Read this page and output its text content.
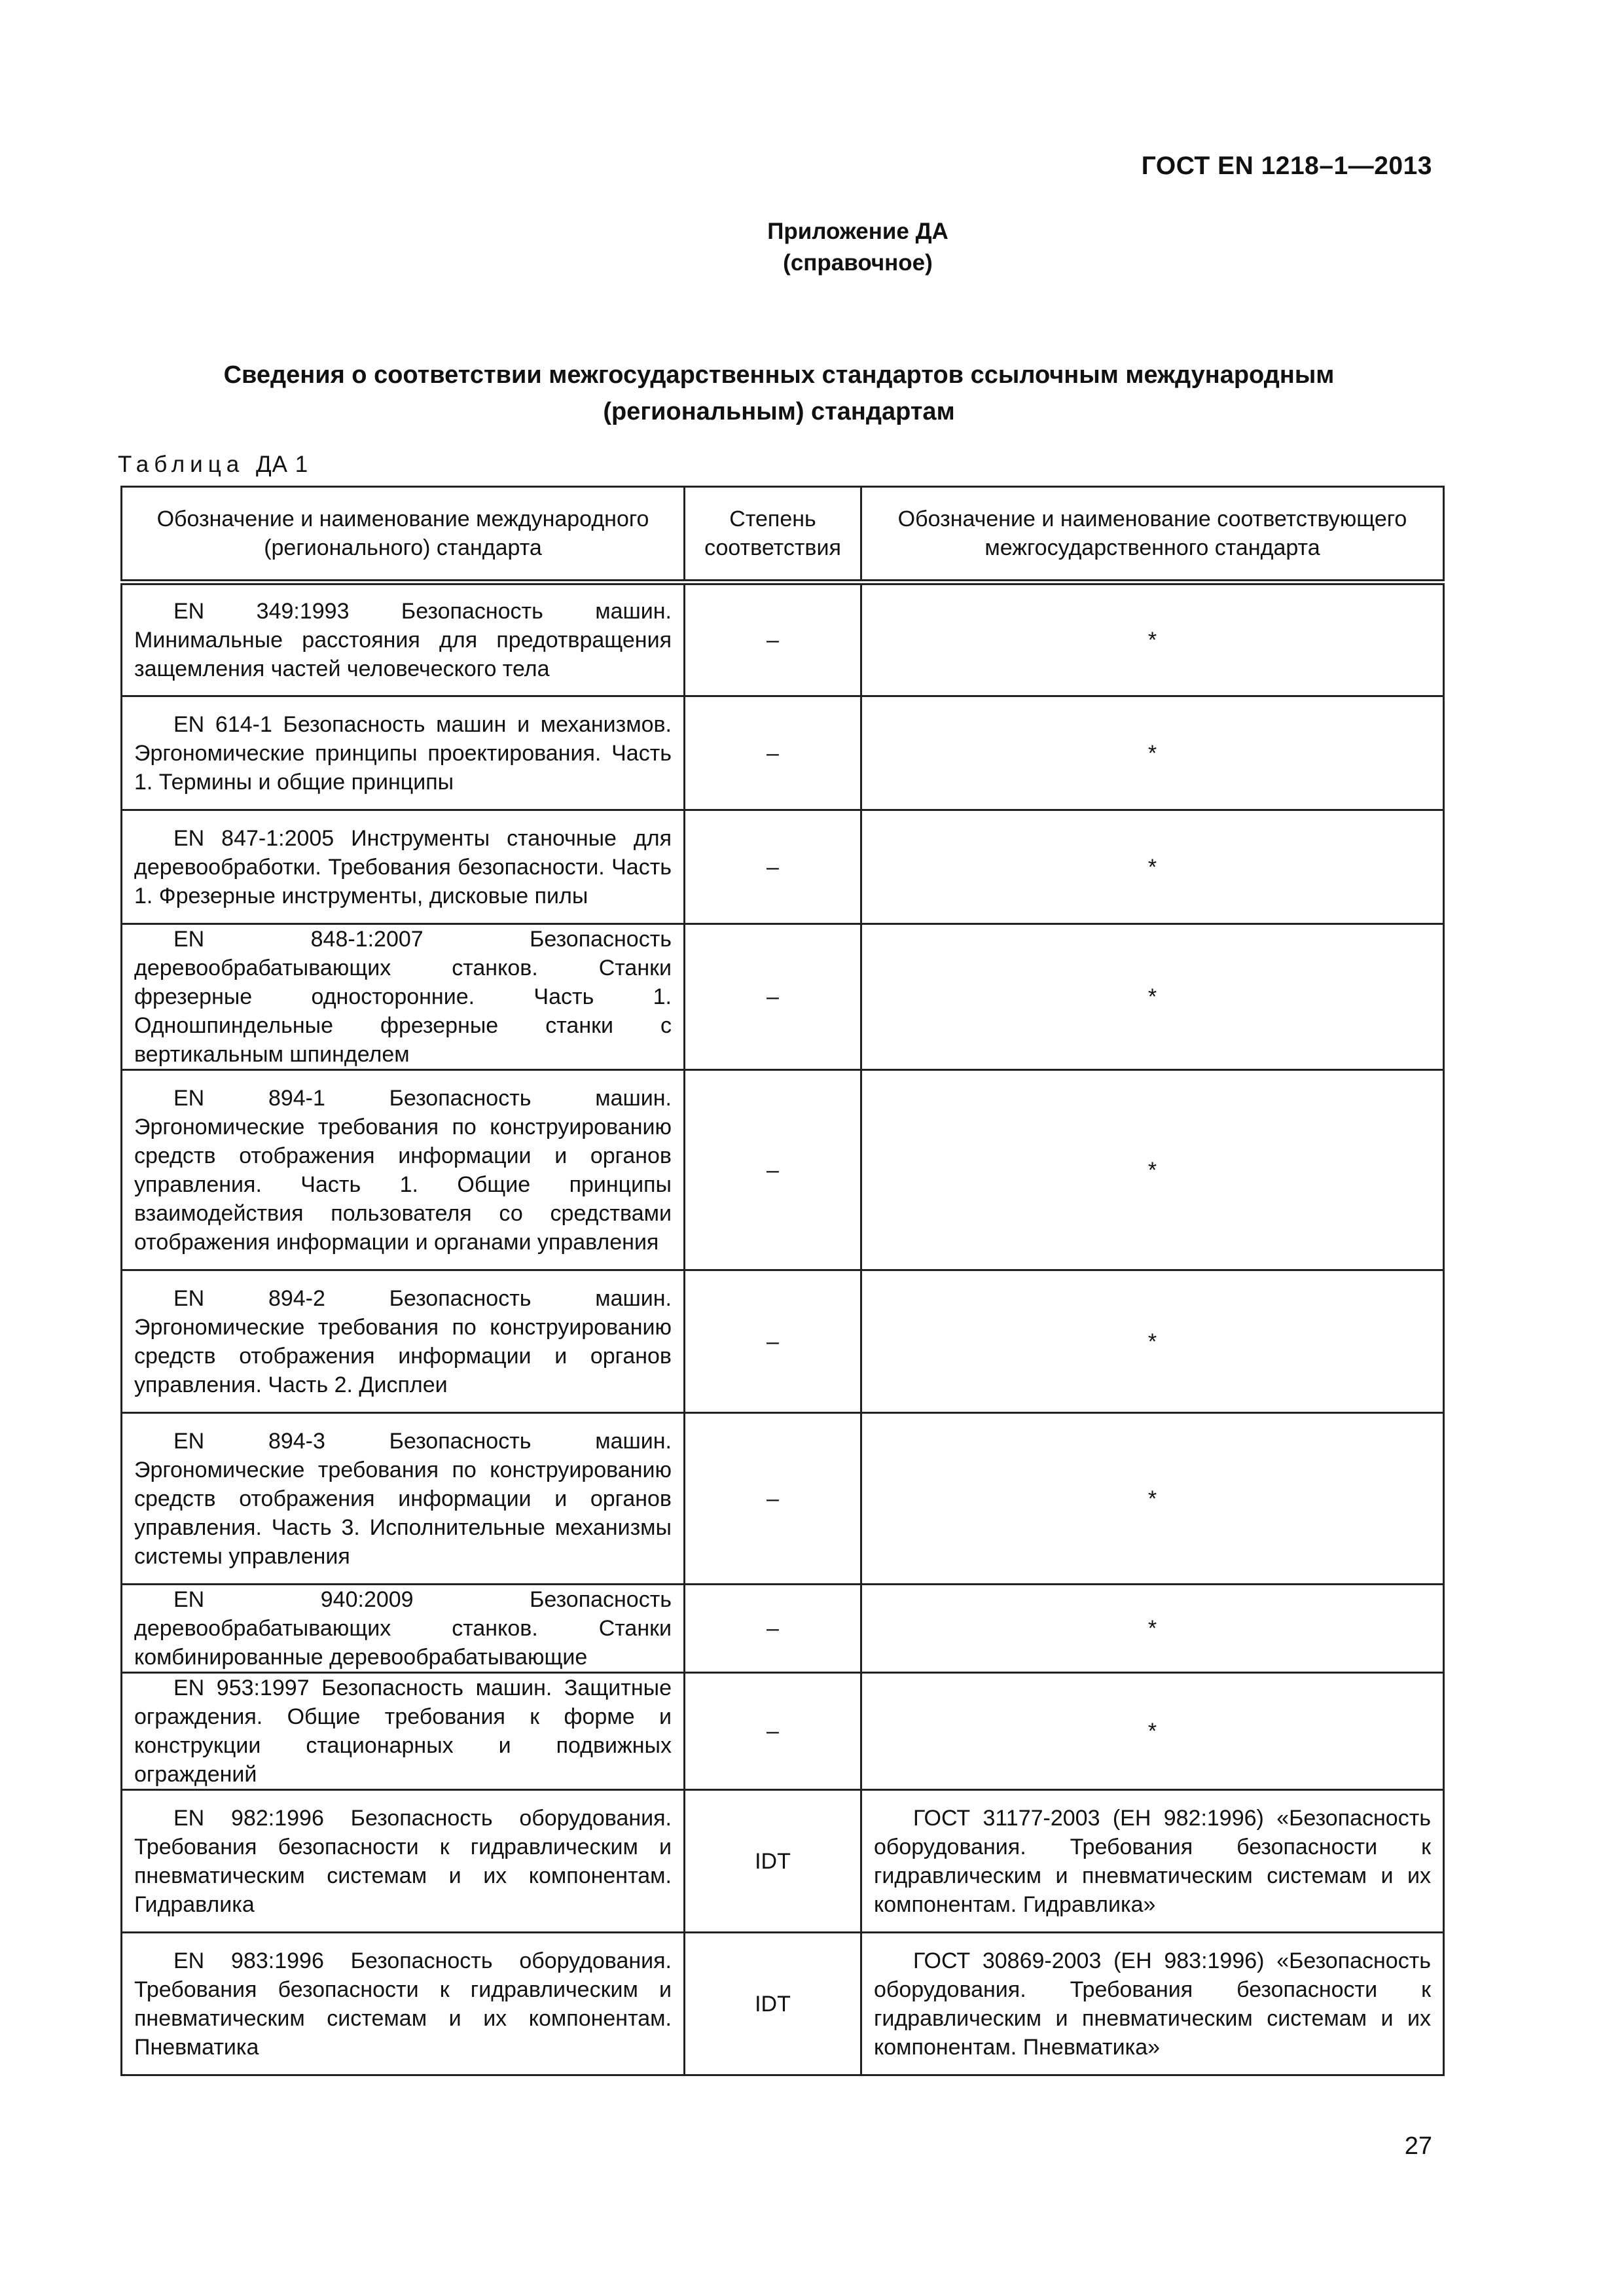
ГОСТ EN 1218–1—2013
Приложение ДА
(справочное)
Сведения о соответствии межгосударственных стандартов ссылочным международным
(региональным) стандартам
Таблица ДА 1
Обозначение и наименование международного (регионального) стандарта	Степень соответствия	Обозначение и наименование соответствующего межгосударственного стандарта
EN 349:1993 Безопасность машин. Минимальные расстояния для предотвращения защемления частей человеческого тела	–	*
EN 614-1 Безопасность машин и механизмов. Эргономические принципы проектирования. Часть 1. Термины и общие принципы	–	*
EN 847-1:2005 Инструменты станочные для деревообработки. Требования безопасности. Часть 1. Фрезерные инструменты, дисковые пилы	–	*
EN 848-1:2007 Безопасность деревообрабатывающих станков. Станки фрезерные односторонние. Часть 1. Одношпиндельные фрезерные станки с вертикальным шпинделем	–	*
EN 894-1 Безопасность машин. Эргономические требования по конструированию средств отображения информации и органов управления. Часть 1. Общие принципы взаимодействия пользователя со средствами отображения информации и органами управления	–	*
EN 894-2 Безопасность машин. Эргономические требования по конструированию средств отображения информации и органов управления. Часть 2. Дисплеи	–	*
EN 894-3 Безопасность машин. Эргономические требования по конструированию средств отображения информации и органов управления. Часть 3. Исполнительные механизмы системы управления	–	*
EN 940:2009 Безопасность деревообрабатывающих станков. Станки комбинированные деревообрабатывающие	–	*
EN 953:1997 Безопасность машин. Защитные ограждения. Общие требования к форме и конструкции стационарных и подвижных ограждений	–	*
EN 982:1996 Безопасность оборудования. Требования безопасности к гидравлическим и пневматическим системам и их компонентам. Гидравлика	IDT	ГОСТ 31177-2003 (ЕН 982:1996) «Безопасность оборудования. Требования безопасности к гидравлическим и пневматическим системам и их компонентам. Гидравлика»
EN 983:1996 Безопасность оборудования. Требования безопасности к гидравлическим и пневматическим системам и их компонентам. Пневматика	IDT	ГОСТ 30869-2003 (ЕН 983:1996) «Безопасность оборудования. Требования безопасности к гидравлическим и пневматическим системам и их компонентам. Пневматика»
27
